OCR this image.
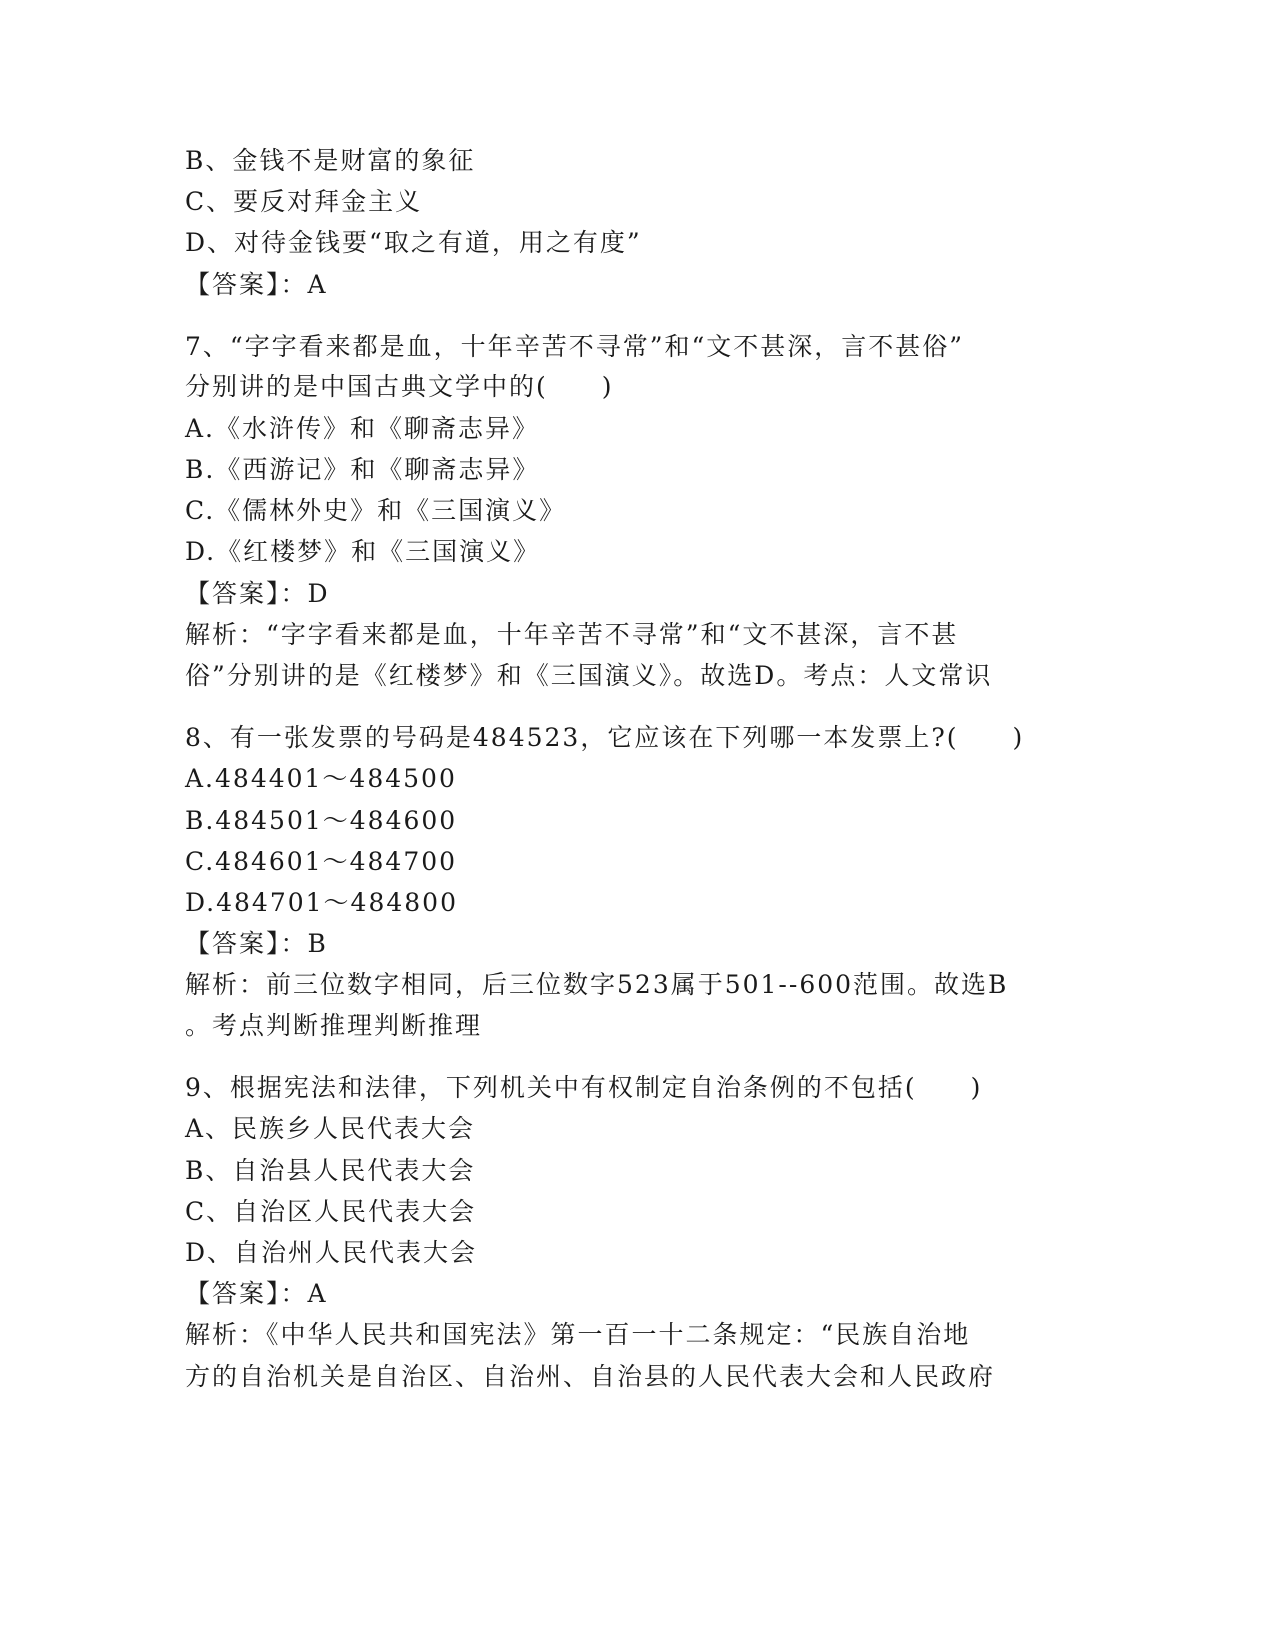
B、金钱不是财富的象征
C、要反对拜金主义
D、对待金钱要“取之有道，用之有度”
【答案】：A
7、“字字看来都是血，十年辛苦不寻常”和“文不甚深，言不甚俗”
分别讲的是中国古典文学中的(　　)
A.《水浒传》和《聊斋志异》
B.《西游记》和《聊斋志异》
C.《儒林外史》和《三国演义》
D.《红楼梦》和《三国演义》
【答案】：D
解析：“字字看来都是血，十年辛苦不寻常”和“文不甚深，言不甚
俗”分别讲的是《红楼梦》和《三国演义》。故选D。考点：人文常识
8、有一张发票的号码是484523，它应该在下列哪一本发票上?(　　)
A.484401～484500
B.484501～484600
C.484601～484700
D.484701～484800
【答案】：B
解析：前三位数字相同，后三位数字523属于501--600范围。故选B
。考点判断推理判断推理
9、根据宪法和法律，下列机关中有权制定自治条例的不包括(　　)
A、民族乡人民代表大会
B、自治县人民代表大会
C、自治区人民代表大会
D、自治州人民代表大会
【答案】：A
解析：《中华人民共和国宪法》第一百一十二条规定：“民族自治地
方的自治机关是自治区、自治州、自治县的人民代表大会和人民政府
